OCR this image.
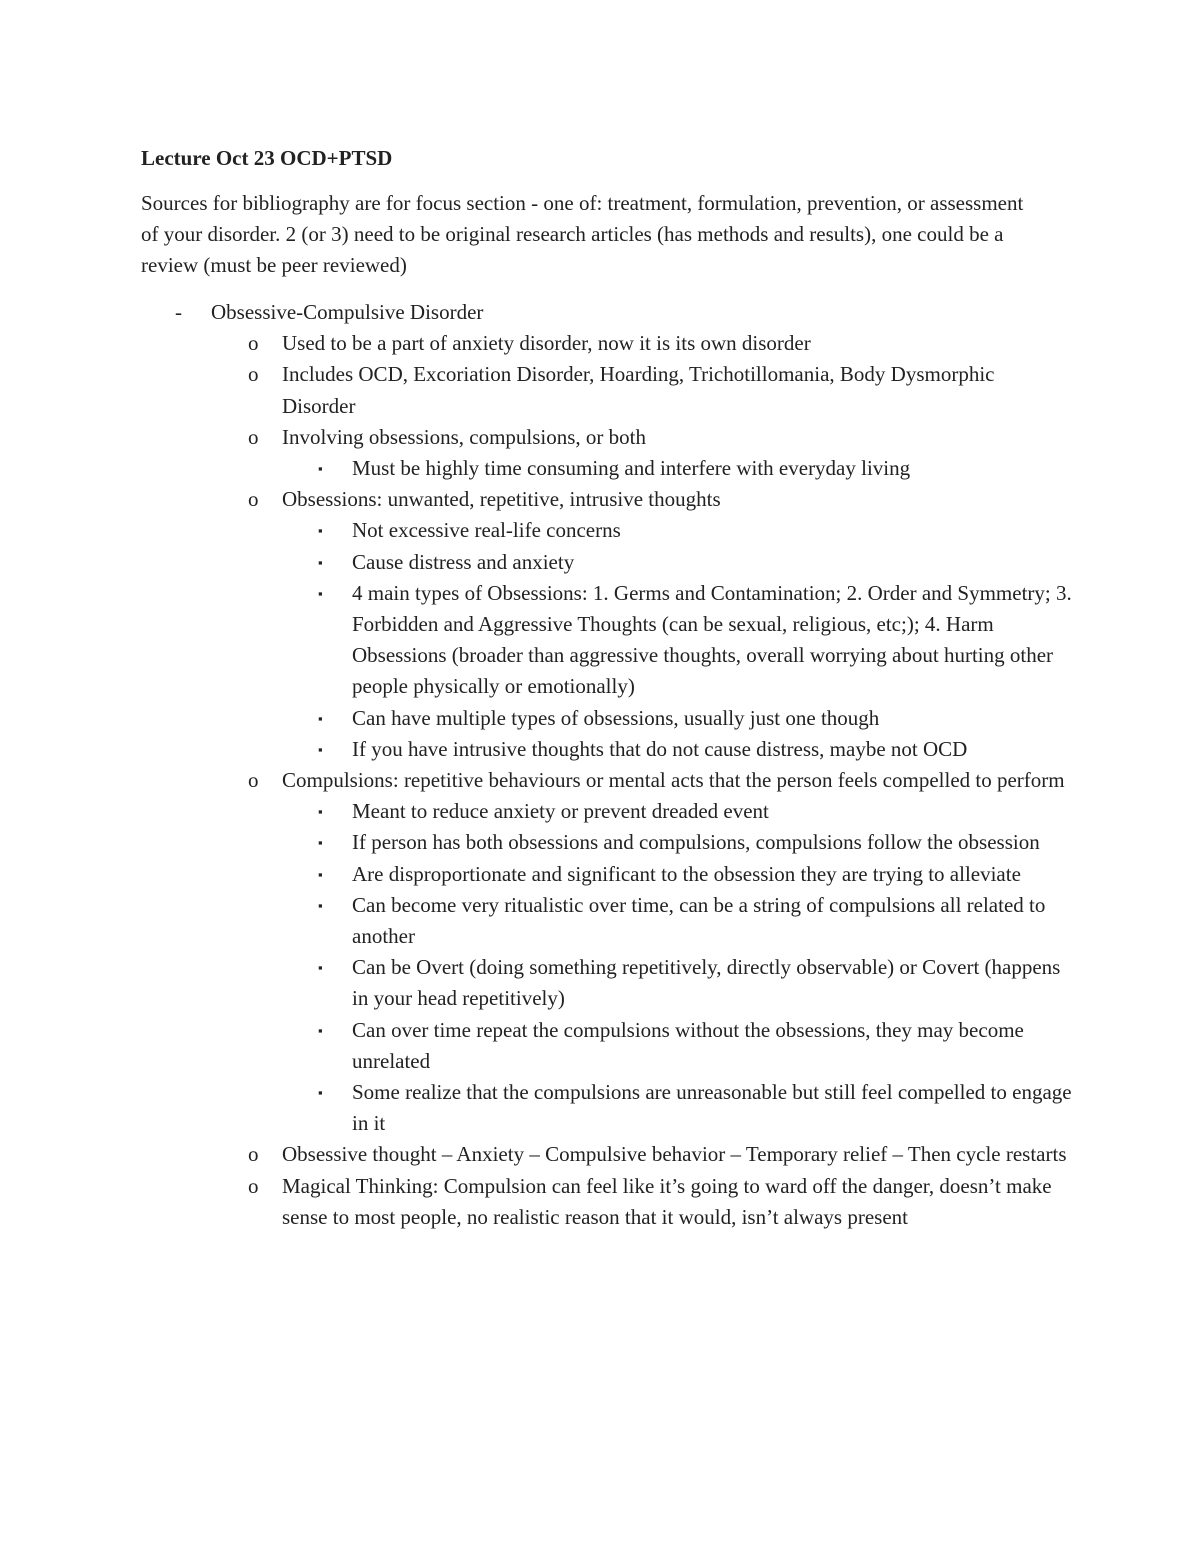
Lecture Oct 23 OCD+PTSD
Sources for bibliography are for focus section - one of: treatment, formulation, prevention, or assessment of your disorder. 2 (or 3) need to be original research articles (has methods and results), one could be a review (must be peer reviewed)
- Obsessive-Compulsive Disorder
o Used to be a part of anxiety disorder, now it is its own disorder
o Includes OCD, Excoriation Disorder, Hoarding, Trichotillomania, Body Dysmorphic Disorder
o Involving obsessions, compulsions, or both
▪ Must be highly time consuming and interfere with everyday living
o Obsessions: unwanted, repetitive, intrusive thoughts
▪ Not excessive real-life concerns
▪ Cause distress and anxiety
▪ 4 main types of Obsessions: 1. Germs and Contamination; 2. Order and Symmetry; 3. Forbidden and Aggressive Thoughts (can be sexual, religious, etc;); 4. Harm Obsessions (broader than aggressive thoughts, overall worrying about hurting other people physically or emotionally)
▪ Can have multiple types of obsessions, usually just one though
▪ If you have intrusive thoughts that do not cause distress, maybe not OCD
o Compulsions: repetitive behaviours or mental acts that the person feels compelled to perform
▪ Meant to reduce anxiety or prevent dreaded event
▪ If person has both obsessions and compulsions, compulsions follow the obsession
▪ Are disproportionate and significant to the obsession they are trying to alleviate
▪ Can become very ritualistic over time, can be a string of compulsions all related to another
▪ Can be Overt (doing something repetitively, directly observable) or Covert (happens in your head repetitively)
▪ Can over time repeat the compulsions without the obsessions, they may become unrelated
▪ Some realize that the compulsions are unreasonable but still feel compelled to engage in it
o Obsessive thought – Anxiety – Compulsive behavior – Temporary relief – Then cycle restarts
o Magical Thinking: Compulsion can feel like it’s going to ward off the danger, doesn’t make sense to most people, no realistic reason that it would, isn’t always present
